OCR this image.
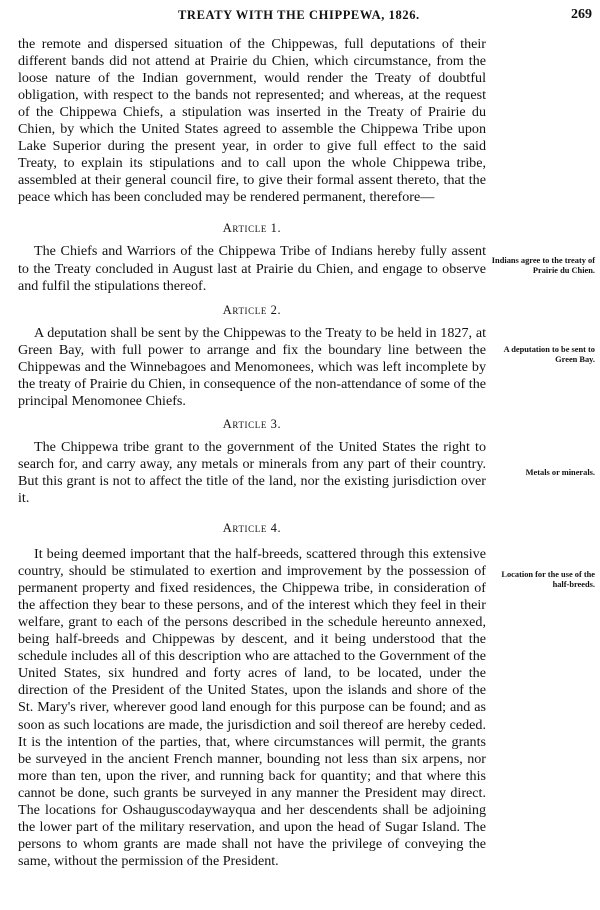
TREATY WITH THE CHIPPEWA, 1826.	269

the remote and dispersed situation of the Chippewas, full deputations of their different bands did not attend at Prairie du Chien, which circumstance, from the loose nature of the Indian government, would render the Treaty of doubtful obligation, with respect to the bands not represented; and whereas, at the request of the Chippewa Chiefs, a stipulation was inserted in the Treaty of Prairie du Chien, by which the United States agreed to assemble the Chippewa Tribe upon Lake Superior during the present year, in order to give full effect to the said Treaty, to explain its stipulations and to call upon the whole Chippewa tribe, assembled at their general council fire, to give their formal assent thereto, that the peace which has been concluded may be rendered permanent, therefore—

Article 1.

The Chiefs and Warriors of the Chippewa Tribe of Indians hereby fully assent to the Treaty concluded in August last at Prairie du Chien, and engage to observe and fulfil the stipulations thereof.

Article 2.

A deputation shall be sent by the Chippewas to the Treaty to be held in 1827, at Green Bay, with full power to arrange and fix the boundary line between the Chippewas and the Winnebagoes and Menomonees, which was left incomplete by the treaty of Prairie du Chien, in consequence of the non-attendance of some of the principal Menomonee Chiefs.

Article 3.

The Chippewa tribe grant to the government of the United States the right to search for, and carry away, any metals or minerals from any part of their country. But this grant is not to affect the title of the land, nor the existing jurisdiction over it.

Article 4.

It being deemed important that the half-breeds, scattered through this extensive country, should be stimulated to exertion and improvement by the possession of permanent property and fixed residences, the Chippewa tribe, in consideration of the affection they bear to these persons, and of the interest which they feel in their welfare, grant to each of the persons described in the schedule hereunto annexed, being half-breeds and Chippewas by descent, and it being understood that the schedule includes all of this description who are attached to the Government of the United States, six hundred and forty acres of land, to be located, under the direction of the President of the United States, upon the islands and shore of the St. Mary's river, wherever good land enough for this purpose can be found; and as soon as such locations are made, the jurisdiction and soil thereof are hereby ceded. It is the intention of the parties, that, where circumstances will permit, the grants be surveyed in the ancient French manner, bounding not less than six arpens, nor more than ten, upon the river, and running back for quantity; and that where this cannot be done, such grants be surveyed in any manner the President may direct. The locations for Oshauguscodaywayqua and her descendents shall be adjoining the lower part of the military reservation, and upon the head of Sugar Island. The persons to whom grants are made shall not have the privilege of conveying the same, without the permission of the President.

Indians agree to the treaty of Prairie du Chien.
A deputation to be sent to Green Bay.
Metals or minerals.
Location for the use of the half-breeds.
